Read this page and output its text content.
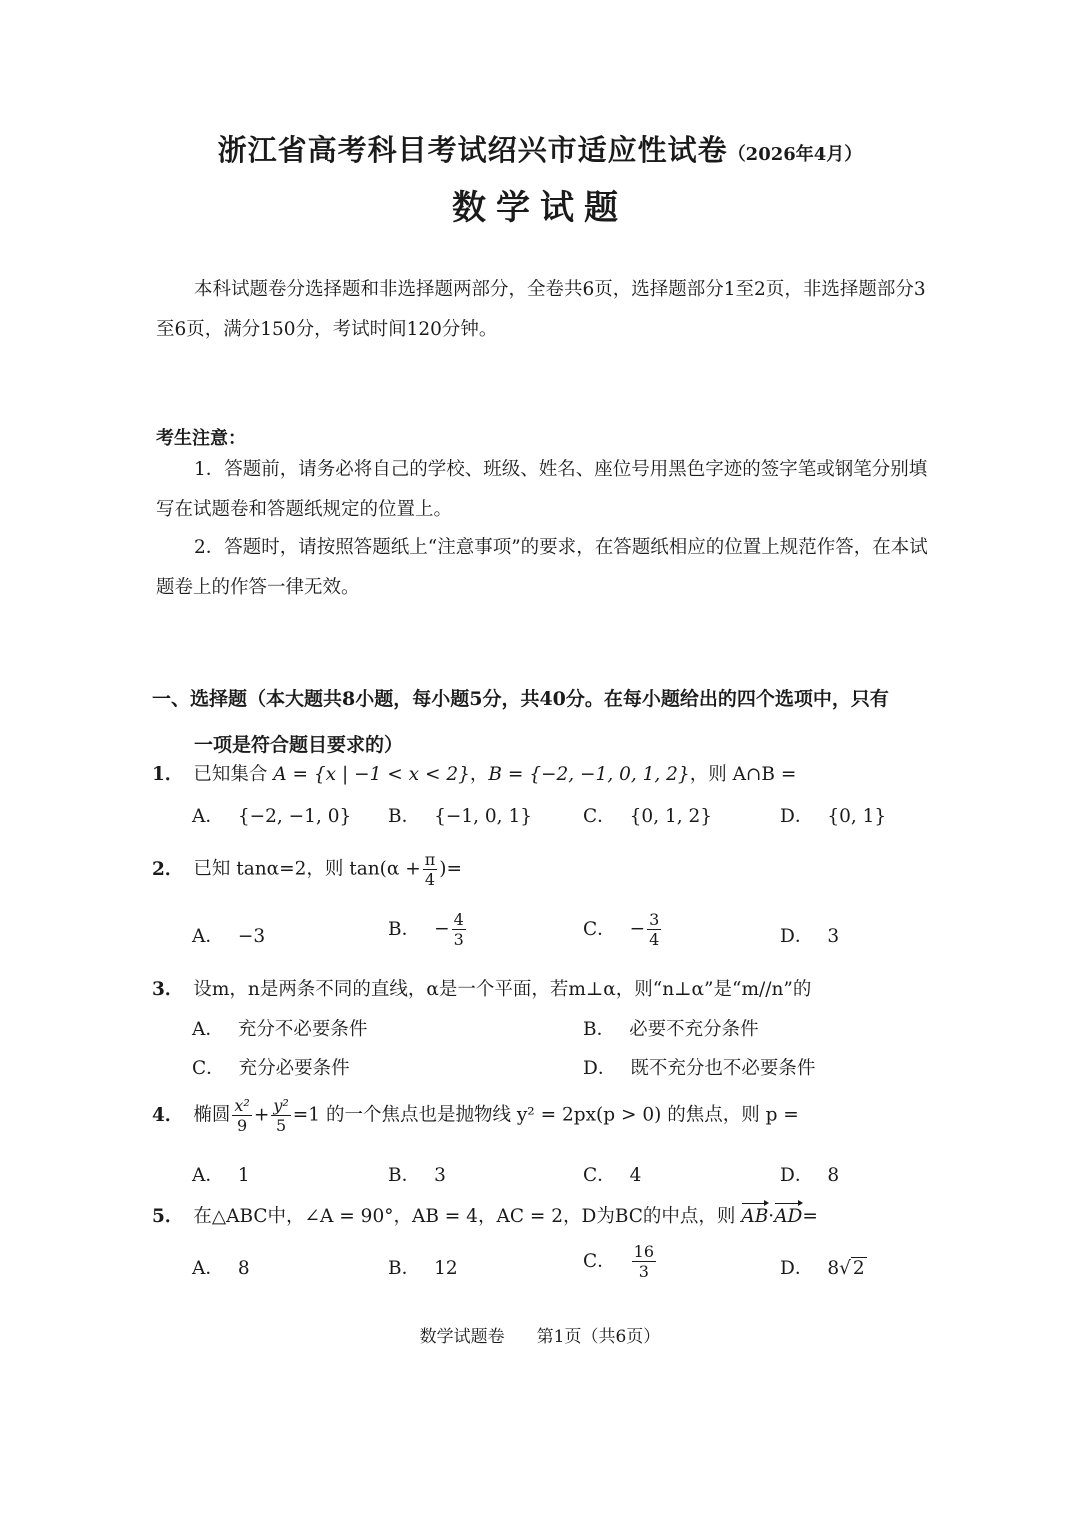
浙江省高考科目考试绍兴市适应性试卷（2026年4月）
数学试题
本科试题卷分选择题和非选择题两部分，全卷共6页，选择题部分1至2页，非选择题部分3至6页，满分150分，考试时间120分钟。
考生注意：
1．答题前，请务必将自己的学校、班级、姓名、座位号用黑色字迹的签字笔或钢笔分别填写在试题卷和答题纸规定的位置上。
2．答题时，请按照答题纸上“注意事项”的要求，在答题纸相应的位置上规范作答，在本试题卷上的作答一律无效。
一、选择题（本大题共8小题，每小题5分，共40分。在每小题给出的四个选项中，只有
一项是符合题目要求的）
1． 已知集合 A = {x | −1 < x < 2}，B = {−2, −1, 0, 1, 2}，则 A∩B =
A． {−2, −1, 0} B． {−1, 0, 1}	C． {0, 1, 2}	D． {0, 1}
2． 已知 tanα=2，则 $\tan(\alpha + \frac{\pi}{4}$ )=
A． −3	B． − $\frac{4}{3}$	C． − $\frac{3}{4}$	D． 3
3． 设m，n是两条不同的直线，α是一个平面，若m⊥α，则“n⊥α”是“m//n”的
A． 充分不必要条件	B． 必要不充分条件
C． 充分必要条件	D． 既不充分也不必要条件
4． 椭圆 $\frac{\text{x²}}{9} + \frac{\text{y²}}{5} =1$ 的一个焦点也是抛物线 y² = 2px(p > 0) 的焦点，则 p =
A． 1	B． 3	C． 4	D． 8
5． 在△ABC中，∠A = 90°，AB = 4，AC = 2，D为BC的中点，则 AB·AD=
A． 8	B． 12	C． $\frac{16}{3}$	D． 8√ 2
数学试题卷 第1页（共6页）
